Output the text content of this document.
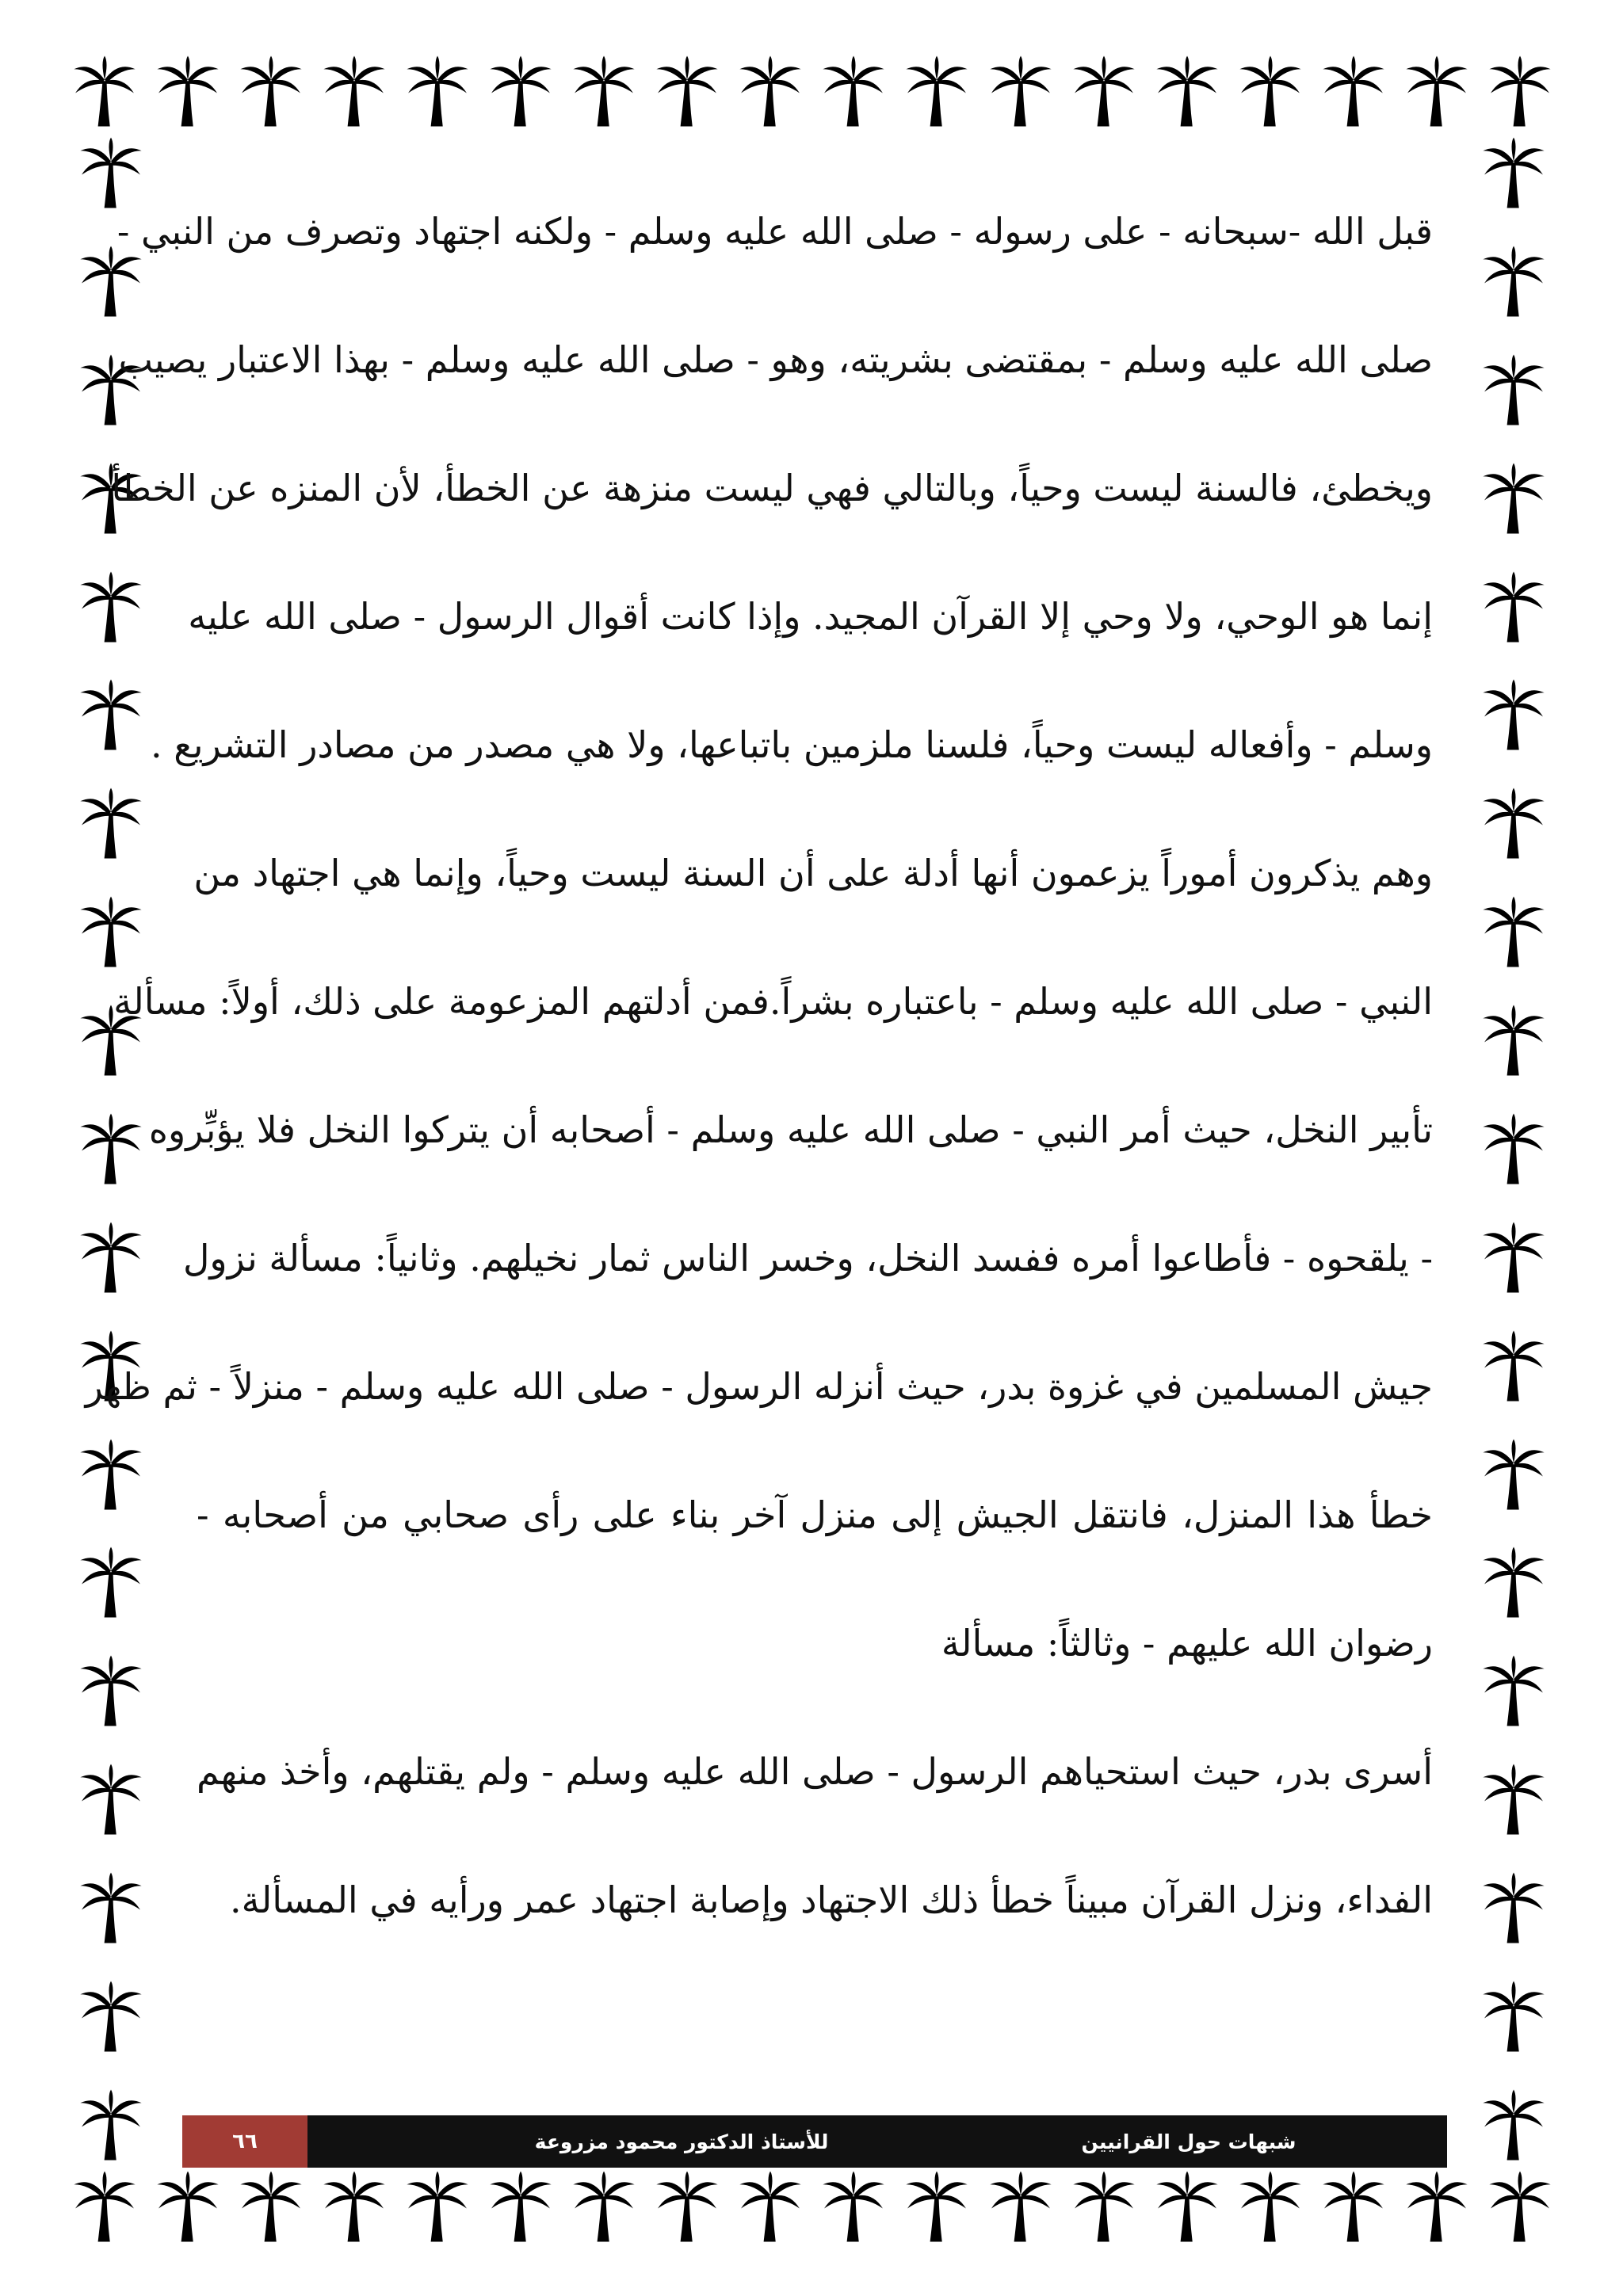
قبل الله -سبحانه - على رسوله - صلى الله عليه وسلم - ولكنه اجتهاد وتصرف من النبي -
صلى الله عليه وسلم - بمقتضى بشريته، وهو - صلى الله عليه وسلم - بهذا الاعتبار يصيب
ويخطئ، فالسنة ليست وحياً، وبالتالي فهي ليست منزهة عن الخطأ، لأن المنزه عن الخطأ
إنما هو الوحي، ولا وحي إلا القرآن المجيد. وإذا كانت أقوال الرسول - صلى الله عليه
وسلم - وأفعاله ليست وحياً، فلسنا ملزمين باتباعها، ولا هي مصدر من مصادر التشريع .
وهم يذكرون أموراً يزعمون أنها أدلة على أن السنة ليست وحياً، وإنما هي اجتهاد من
النبي - صلى الله عليه وسلم - باعتباره بشراً.فمن أدلتهم المزعومة على ذلك، أولاً: مسألة
تأبير النخل، حيث أمر النبي - صلى الله عليه وسلم - أصحابه أن يتركوا النخل فلا يؤبِّروه
- يلقحوه - فأطاعوا أمره ففسد النخل، وخسر الناس ثمار نخيلهم. وثانياً: مسألة نزول
جيش المسلمين في غزوة بدر، حيث أنزله الرسول - صلى الله عليه وسلم - منزلاً - ثم ظهر
خطأ هذا المنزل، فانتقل الجيش إلى منزل آخر بناء على رأى صحابي من أصحابه -
رضوان الله عليهم - وثالثاً: مسألة
أسرى بدر، حيث استحياهم الرسول - صلى الله عليه وسلم - ولم يقتلهم، وأخذ منهم
الفداء، ونزل القرآن مبيناً خطأ ذلك الاجتهاد وإصابة اجتهاد عمر ورأيه في المسألة.
٦٦	للأستاذ الدكتور محمود مزروعة	شبهات حول القرانيين
